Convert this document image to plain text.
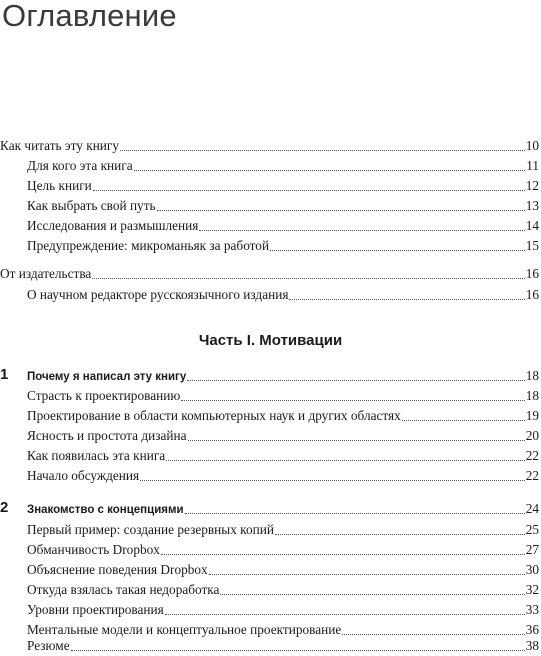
Оглавление
Как читать эту книгу	10
Для кого эта книга	11
Цель книги	12
Как выбрать свой путь	13
Исследования и размышления	14
Предупреждение: микроманьяк за работой	15
От издательства	16
О научном редакторе русскоязычного издания	16
Часть I. Мотивации
1 Почему я написал эту книгу	18
Страсть к проектированию	18
Проектирование в области компьютерных наук и других областях	19
Ясность и простота дизайна	20
Как появилась эта книга	22
Начало обсуждения	22
2 Знакомство с концепциями	24
Первый пример: создание резервных копий	25
Обманчивость Dropbox	27
Объяснение поведения Dropbox	30
Откуда взялась такая недоработка	32
Уровни проектирования	33
Ментальные модели и концептуальное проектирование	36
Резюме	38
